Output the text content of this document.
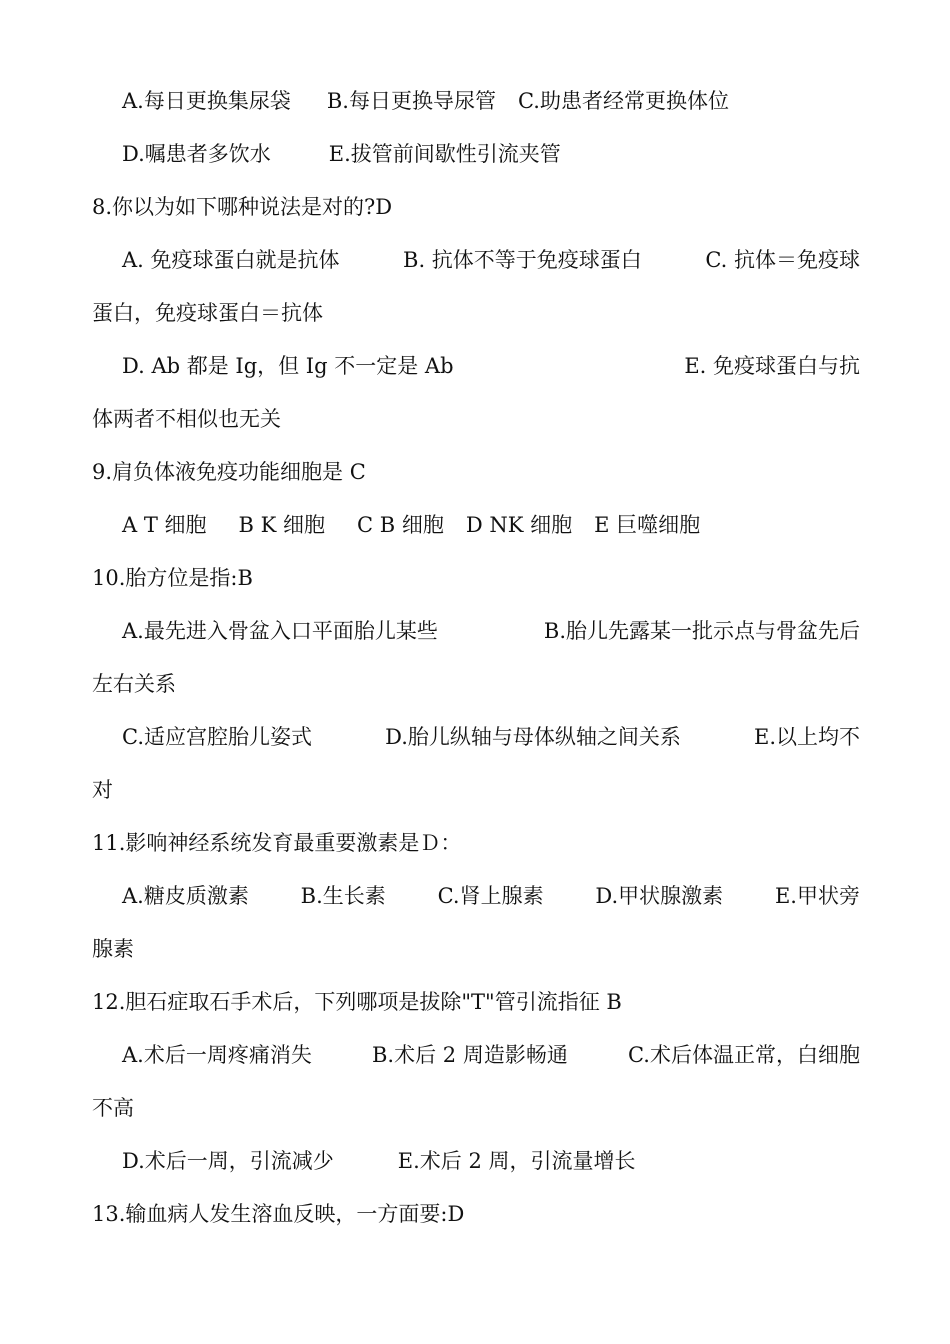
A.每日更换集尿袋 B.每日更换导尿管 C.助患者经常更换体位
D.嘱患者多饮水	E.拔管前间歇性引流夹管
8.你以为如下哪种说法是对的?D
A. 免疫球蛋白就是抗体	B. 抗体不等于免疫球蛋白	C. 抗体＝免疫球
蛋白，免疫球蛋白＝抗体
D. Ab 都是 Ig，但 Ig 不一定是 Ab	E. 免疫球蛋白与抗
体两者不相似也无关
9.肩负体液免疫功能细胞是 C
A T 细胞 B K 细胞 C B 细胞 D NK 细胞 E 巨噬细胞
10.胎方位是指:B
A.最先进入骨盆入口平面胎儿某些	B.胎儿先露某一批示点与骨盆先后
左右关系
C.适应宫腔胎儿姿式	D.胎儿纵轴与母体纵轴之间关系	E.以上均不
对
11.影响神经系统发育最重要激素是Ｄ：
A.糖皮质激素 B.生长素 C.肾上腺素 D.甲状腺激素 E.甲状旁
腺素
12.胆石症取石手术后，下列哪项是拔除"T"管引流指征 B
A.术后一周疼痛消失	B.术后 2 周造影畅通	C.术后体温正常，白细胞
不高
D.术后一周，引流减少	E.术后 2 周，引流量增长
13.输血病人发生溶血反映，一方面要:D
